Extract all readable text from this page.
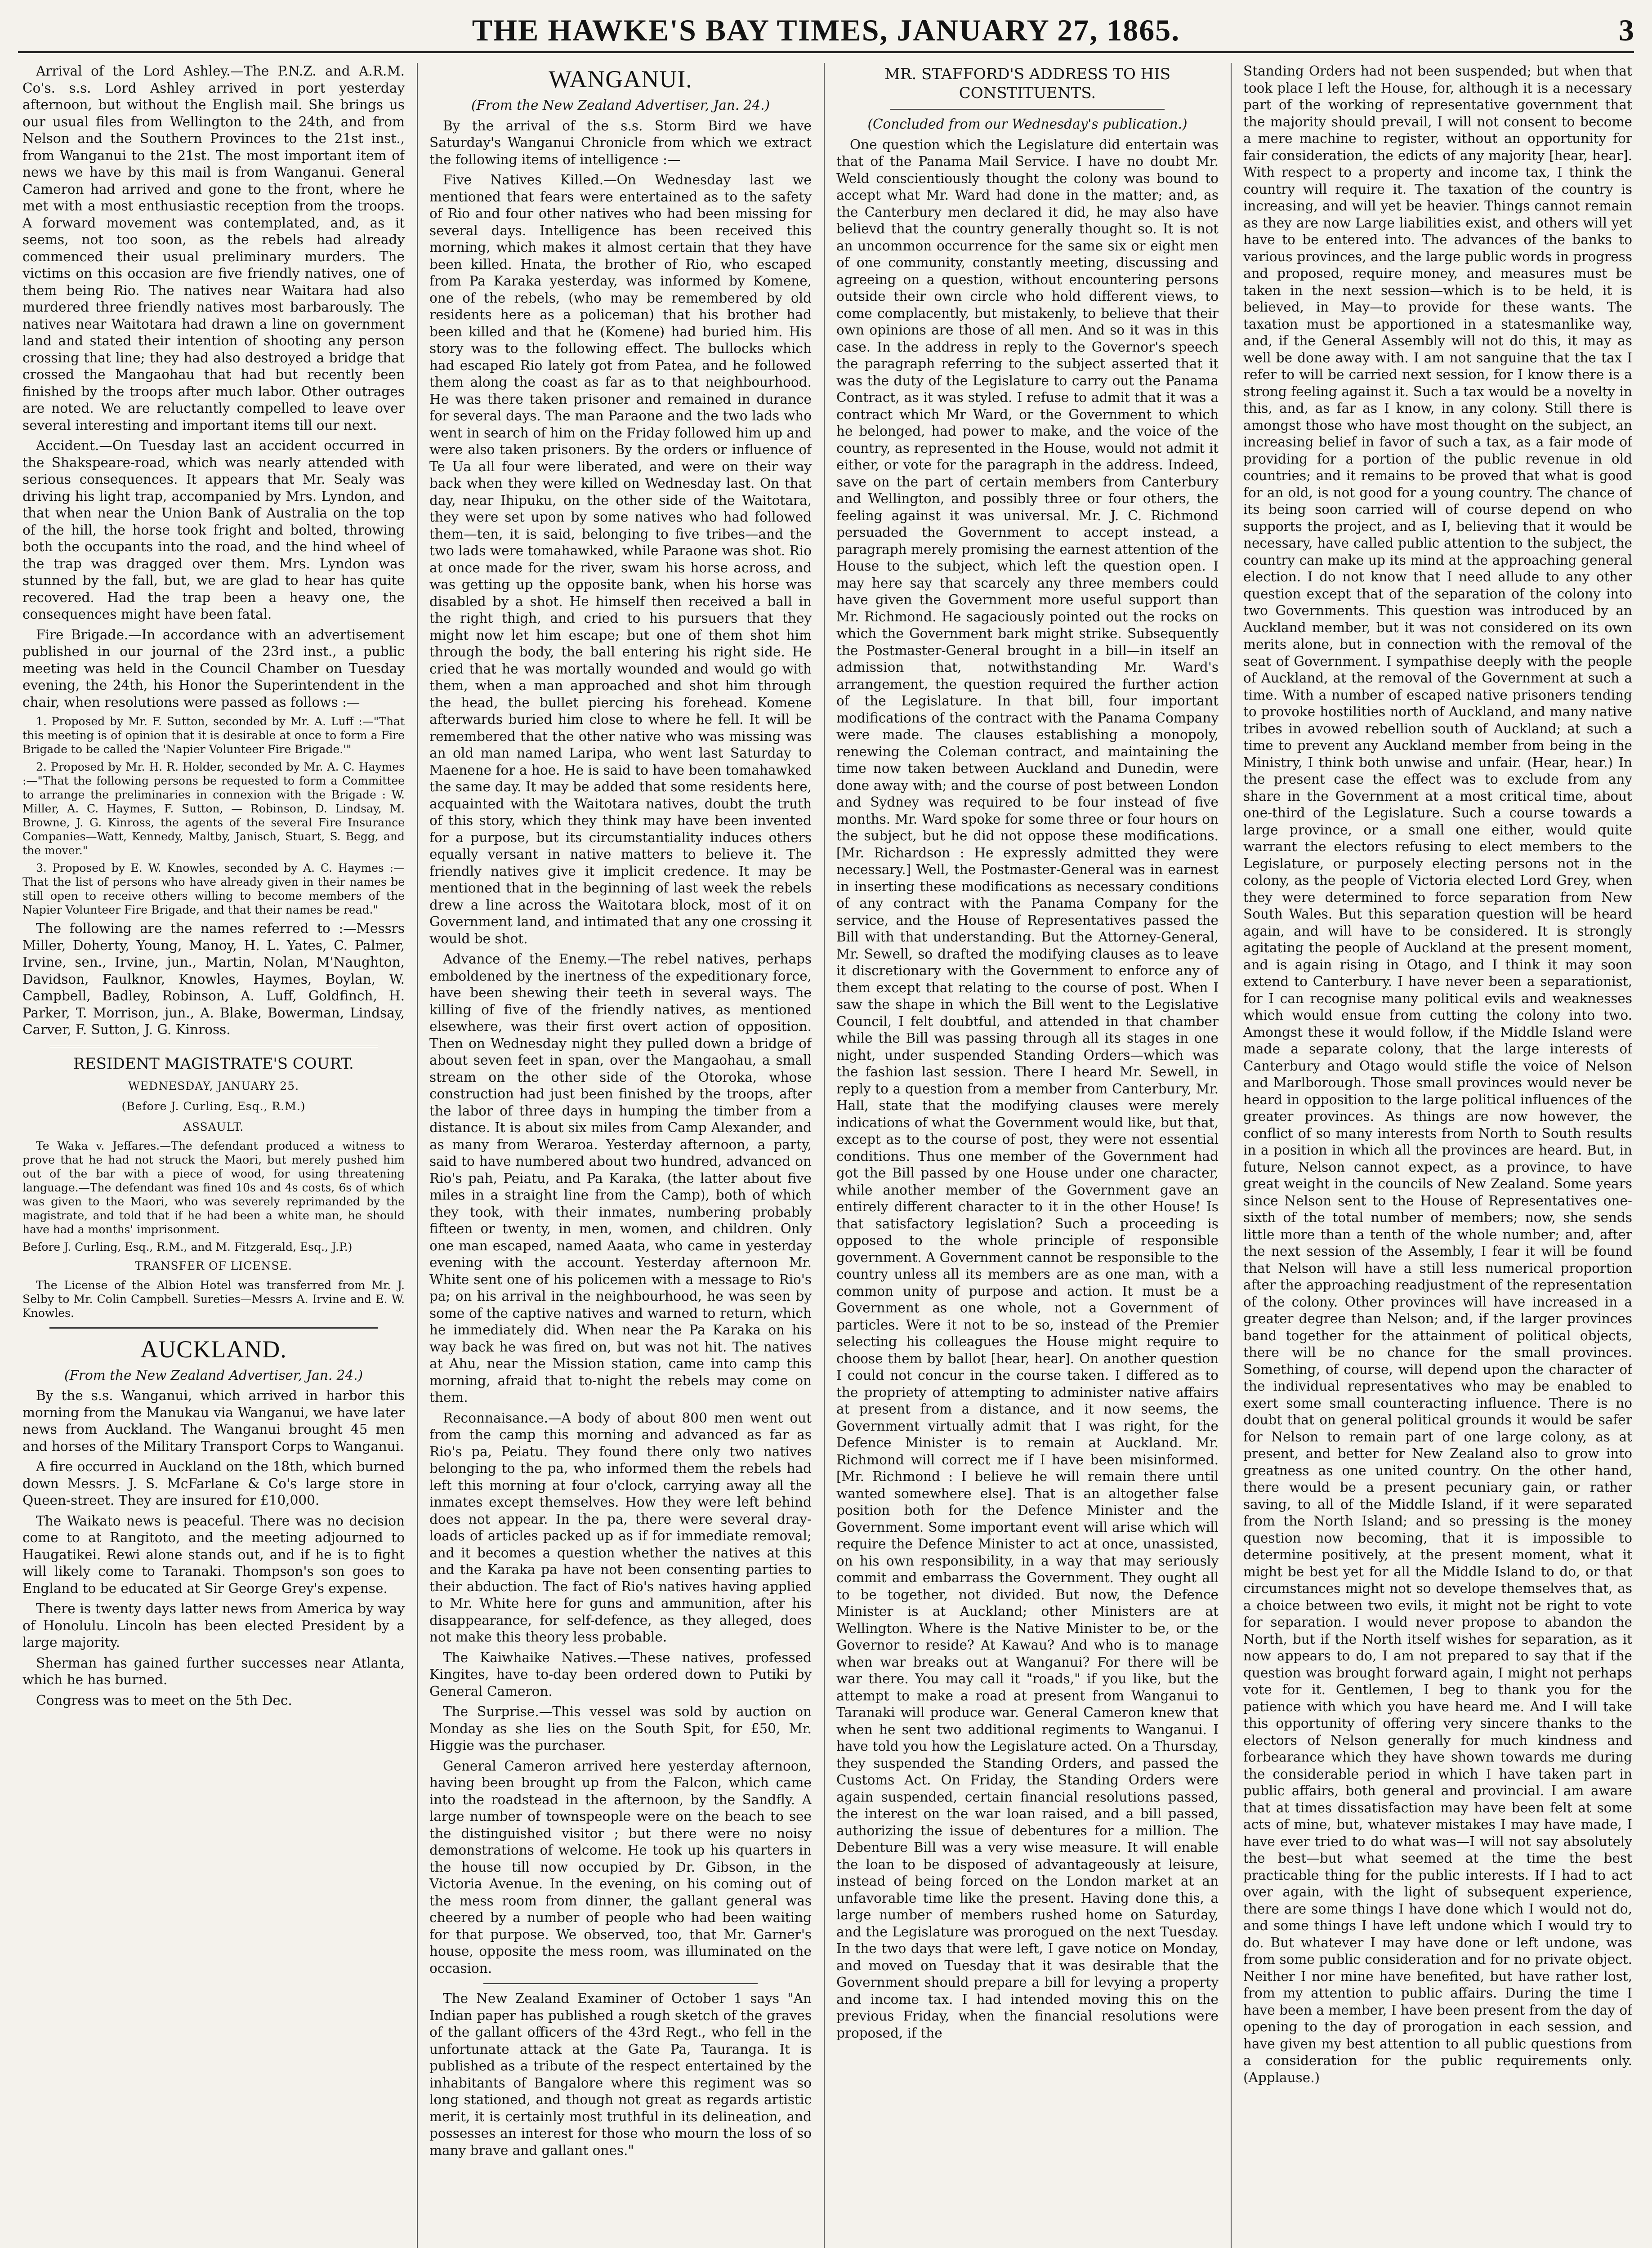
THE HAWKE'S BAY TIMES, JANUARY 27, 1865.	3

Arrival of the Lord Ashley.—The P.N.Z. and A.R.M. Co's. s.s. Lord Ashley arrived in port yesterday afternoon, but without the English mail. She brings us our usual files from Wellington to the 24th, and from Nelson and the Southern Provinces to the 21st inst., from Wanganui to the 21st. The most important item of news we have by this mail is from Wanganui. General Cameron had arrived and gone to the front, where he met with a most enthusiastic reception from the troops. A forward movement was contemplated, and, as it seems, not too soon, as the rebels had already commenced their usual preliminary murders. The victims on this occasion are five friendly natives, one of them being Rio. The natives near Waitara had also murdered three friendly natives most barbarously. The natives near Waitotara had drawn a line on government land and stated their intention of shooting any person crossing that line; they had also destroyed a bridge that crossed the Mangaohau that had but recently been finished by the troops after much labor. Other outrages are noted. We are reluctantly compelled to leave over several interesting and important items till our next.

Accident.—On Tuesday last an accident occurred in the Shakspeare-road, which was nearly attended with serious consequences. It appears that Mr. Sealy was driving his light trap, accompanied by Mrs. Lyndon, and that when near the Union Bank of Australia on the top of the hill, the horse took fright and bolted, throwing both the occupants into the road, and the hind wheel of the trap was dragged over them. Mrs. Lyndon was stunned by the fall, but, we are glad to hear has quite recovered. Had the trap been a heavy one, the consequences might have been fatal.

Fire Brigade.—In accordance with an advertisement published in our journal of the 23rd inst., a public meeting was held in the Council Chamber on Tuesday evening, the 24th, his Honor the Superintendent in the chair, when resolutions were passed as follows :—

1. Proposed by Mr. F. Sutton, seconded by Mr. A. Luff :—"That this meeting is of opinion that it is desirable at once to form a Fire Brigade to be called the 'Napier Volunteer Fire Brigade.'"

2. Proposed by Mr. H. R. Holder, seconded by Mr. A. C. Haymes :—"That the following persons be requested to form a Committee to arrange the preliminaries in connexion with the Brigade : W. Miller, A. C. Haymes, F. Sutton, — Robinson, D. Lindsay, M. Browne, J. G. Kinross, the agents of the several Fire Insurance Companies—Watt, Kennedy, Maltby, Janisch, Stuart, S. Begg, and the mover."

3. Proposed by E. W. Knowles, seconded by A. C. Haymes :—That the list of persons who have already given in their names be still open to receive others willing to become members of the Napier Volunteer Fire Brigade, and that their names be read."

The following are the names referred to :—Messrs Miller, Doherty, Young, Manoy, H. L. Yates, C. Palmer, Irvine, sen., Irvine, jun., Martin, Nolan, M'Naughton, Davidson, Faulknor, Knowles, Haymes, Boylan, W. Campbell, Badley, Robinson, A. Luff, Goldfinch, H. Parker, T. Morrison, jun., A. Blake, Bowerman, Lindsay, Carver, F. Sutton, J. G. Kinross.

RESIDENT MAGISTRATE'S COURT.
WEDNESDAY, JANUARY 25.
(Before J. Curling, Esq., R.M.)
ASSAULT.

Te Waka v. Jeffares.—The defendant produced a witness to prove that he had not struck the Maori, but merely pushed him out of the bar with a piece of wood, for using threatening language.—The defendant was fined 10s and 4s costs, 6s of which was given to the Maori, who was severely reprimanded by the magistrate, and told that if he had been a white man, he should have had a months' imprisonment.

Before J. Curling, Esq., R.M., and M. Fitzgerald, Esq., J.P.)

TRANSFER OF LICENSE.

The License of the Albion Hotel was transferred from Mr. J. Selby to Mr. Colin Campbell. Sureties—Messrs A. Irvine and E. W. Knowles.

AUCKLAND.

(From the New Zealand Advertiser, Jan. 24.)

By the s.s. Wanganui, which arrived in harbor this morning from the Manukau via Wanganui, we have later news from Auckland. The Wanganui brought 45 men and horses of the Military Transport Corps to Wanganui.

A fire occurred in Auckland on the 18th, which burned down Messrs. J. S. McFarlane & Co's large store in Queen-street. They are insured for £10,000.

The Waikato news is peaceful. There was no decision come to at Rangitoto, and the meeting adjourned to Haugatikei. Rewi alone stands out, and if he is to fight will likely come to Taranaki. Thompson's son goes to England to be educated at Sir George Grey's expense.

There is twenty days latter news from America by way of Honolulu. Lincoln has been elected President by a large majority.

Sherman has gained further successes near Atlanta, which he has burned.

Congress was to meet on the 5th Dec.

WANGANUI.

(From the New Zealand Advertiser, Jan. 24.)

By the arrival of the s.s. Storm Bird we have Saturday's Wanganui Chronicle from which we extract the following items of intelligence :—

Five Natives Killed.—On Wednesday last we mentioned that fears were entertained as to the safety of Rio and four other natives who had been missing for several days. Intelligence has been received this morning, which makes it almost certain that they have been killed. Hnata, the brother of Rio, who escaped from Pa Karaka yesterday, was informed by Komene, one of the rebels, (who may be remembered by old residents here as a policeman) that his brother had been killed and that he (Komene) had buried him. His story was to the following effect. The bullocks which had escaped Rio lately got from Patea, and he followed them along the coast as far as to that neighbourhood. He was there taken prisoner and remained in durance for several days. The man Paraone and the two lads who went in search of him on the Friday followed him up and were also taken prisoners. By the orders or influence of Te Ua all four were liberated, and were on their way back when they were killed on Wednesday last. On that day, near Ihipuku, on the other side of the Waitotara, they were set upon by some natives who had followed them—ten, it is said, belonging to five tribes—and the two lads were tomahawked, while Paraone was shot. Rio at once made for the river, swam his horse across, and was getting up the opposite bank, when his horse was disabled by a shot. He himself then received a ball in the right thigh, and cried to his pursuers that they might now let him escape; but one of them shot him through the body, the ball entering his right side. He cried that he was mortally wounded and would go with them, when a man approached and shot him through the head, the bullet piercing his forehead. Komene afterwards buried him close to where he fell. It will be remembered that the other native who was missing was an old man named Laripa, who went last Saturday to Maenene for a hoe. He is said to have been tomahawked the same day. It may be added that some residents here, acquainted with the Waitotara natives, doubt the truth of this story, which they think may have been invented for a purpose, but its circumstantiality induces others equally versant in native matters to believe it. The friendly natives give it implicit credence. It may be mentioned that in the beginning of last week the rebels drew a line across the Waitotara block, most of it on Government land, and intimated that any one crossing it would be shot.

Advance of the Enemy.—The rebel natives, perhaps emboldened by the inertness of the expeditionary force, have been shewing their teeth in several ways. The killing of five of the friendly natives, as mentioned elsewhere, was their first overt action of opposition. Then on Wednesday night they pulled down a bridge of about seven feet in span, over the Mangaohau, a small stream on the other side of the Otoroka, whose construction had just been finished by the troops, after the labor of three days in humping the timber from a distance. It is about six miles from Camp Alexander, and as many from Weraroa. Yesterday afternoon, a party, said to have numbered about two hundred, advanced on Rio's pah, Peiatu, and Pa Karaka, (the latter about five miles in a straight line from the Camp), both of which they took, with their inmates, numbering probably fifteen or twenty, in men, women, and children. Only one man escaped, named Aaata, who came in yesterday evening with the account. Yesterday afternoon Mr. White sent one of his policemen with a message to Rio's pa; on his arrival in the neighbourhood, he was seen by some of the captive natives and warned to return, which he immediately did. When near the Pa Karaka on his way back he was fired on, but was not hit. The natives at Ahu, near the Mission station, came into camp this morning, afraid that to-night the rebels may come on them.

Reconnaisance.—A body of about 800 men went out from the camp this morning and advanced as far as Rio's pa, Peiatu. They found there only two natives belonging to the pa, who informed them the rebels had left this morning at four o'clock, carrying away all the inmates except themselves. How they were left behind does not appear. In the pa, there were several dray-loads of articles packed up as if for immediate removal; and it becomes a question whether the natives at this and the Karaka pa have not been consenting parties to their abduction. The fact of Rio's natives having applied to Mr. White here for guns and ammunition, after his disappearance, for self-defence, as they alleged, does not make this theory less probable.

The Kaiwhaike Natives.—These natives, professed Kingites, have to-day been ordered down to Putiki by General Cameron.

The Surprise.—This vessel was sold by auction on Monday as she lies on the South Spit, for £50, Mr. Higgie was the purchaser.

General Cameron arrived here yesterday afternoon, having been brought up from the Falcon, which came into the roadstead in the afternoon, by the Sandfly. A large number of townspeople were on the beach to see the distinguished visitor ; but there were no noisy demonstrations of welcome. He took up his quarters in the house till now occupied by Dr. Gibson, in the Victoria Avenue. In the evening, on his coming out of the mess room from dinner, the gallant general was cheered by a number of people who had been waiting for that purpose. We observed, too, that Mr. Garner's house, opposite the mess room, was illuminated on the occasion.

The New Zealand Examiner of October 1 says "An Indian paper has published a rough sketch of the graves of the gallant officers of the 43rd Regt., who fell in the unfortunate attack at the Gate Pa, Tauranga. It is published as a tribute of the respect entertained by the inhabitants of Bangalore where this regiment was so long stationed, and though not great as regards artistic merit, it is certainly most truthful in its delineation, and possesses an interest for those who mourn the loss of so many brave and gallant ones."

MR. STAFFORD'S ADDRESS TO HIS CONSTITUENTS.

(Concluded from our Wednesday's publication.)

One question which the Legislature did entertain was that of the Panama Mail Service. I have no doubt Mr. Weld conscientiously thought the colony was bound to accept what Mr. Ward had done in the matter; and, as the Canterbury men declared it did, he may also have believd that the country generally thought so. It is not an uncommon occurrence for the same six or eight men of one community, constantly meeting, discussing and agreeing on a question, without encountering persons outside their own circle who hold different views, to come complacently, but mistakenly, to believe that their own opinions are those of all men. And so it was in this case. In the address in reply to the Governor's speech the paragraph referring to the subject asserted that it was the duty of the Legislature to carry out the Panama Contract, as it was styled. I refuse to admit that it was a contract which Mr Ward, or the Government to which he belonged, had power to make, and the voice of the country, as represented in the House, would not admit it either, or vote for the paragraph in the address. Indeed, save on the part of certain members from Canterbury and Wellington, and possibly three or four others, the feeling against it was universal. Mr. J. C. Richmond persuaded the Government to accept instead, a paragraph merely promising the earnest attention of the House to the subject, which left the question open. I may here say that scarcely any three members could have given the Government more useful support than Mr. Richmond. He sagaciously pointed out the rocks on which the Government bark might strike. Subsequently the Postmaster-General brought in a bill—in itself an admission that, notwithstanding Mr. Ward's arrangement, the question required the further action of the Legislature. In that bill, four important modifications of the contract with the Panama Company were made. The clauses establishing a monopoly, renewing the Coleman contract, and maintaining the time now taken between Auckland and Dunedin, were done away with; and the course of post between London and Sydney was required to be four instead of five months. Mr. Ward spoke for some three or four hours on the subject, but he did not oppose these modifications. [Mr. Richardson : He expressly admitted they were necessary.] Well, the Postmaster-General was in earnest in inserting these modifications as necessary conditions of any contract with the Panama Company for the service, and the House of Representatives passed the Bill with that understanding. But the Attorney-General, Mr. Sewell, so drafted the modifying clauses as to leave it discretionary with the Government to enforce any of them except that relating to the course of post. When I saw the shape in which the Bill went to the Legislative Council, I felt doubtful, and attended in that chamber while the Bill was passing through all its stages in one night, under suspended Standing Orders—which was the fashion last session. There I heard Mr. Sewell, in reply to a question from a member from Canterbury, Mr. Hall, state that the modifying clauses were merely indications of what the Government would like, but that, except as to the course of post, they were not essential conditions. Thus one member of the Government had got the Bill passed by one House under one character, while another member of the Government gave an entirely different character to it in the other House! Is that satisfactory legislation? Such a proceeding is opposed to the whole principle of responsible government. A Government cannot be responsible to the country unless all its members are as one man, with a common unity of purpose and action. It must be a Government as one whole, not a Government of particles. Were it not to be so, instead of the Premier selecting his colleagues the House might require to choose them by ballot [hear, hear]. On another question I could not concur in the course taken. I differed as to the propriety of attempting to administer native affairs at present from a distance, and it now seems, the Government virtually admit that I was right, for the Defence Minister is to remain at Auckland. Mr. Richmond will correct me if I have been misinformed. [Mr. Richmond : I believe he will remain there until wanted somewhere else]. That is an altogether false position both for the Defence Minister and the Government. Some important event will arise which will require the Defence Minister to act at once, unassisted, on his own responsibility, in a way that may seriously commit and embarrass the Government. They ought all to be together, not divided. But now, the Defence Minister is at Auckland; other Ministers are at Wellington. Where is the Native Minister to be, or the Governor to reside? At Kawau? And who is to manage when war breaks out at Wanganui? For there will be war there. You may call it "roads," if you like, but the attempt to make a road at present from Wanganui to Taranaki will produce war. General Cameron knew that when he sent two additional regiments to Wanganui. I have told you how the Legislature acted. On a Thursday, they suspended the Standing Orders, and passed the Customs Act. On Friday, the Standing Orders were again suspended, certain financial resolutions passed, the interest on the war loan raised, and a bill passed, authorizing the issue of debentures for a million. The Debenture Bill was a very wise measure. It will enable the loan to be disposed of advantageously at leisure, instead of being forced on the London market at an unfavorable time like the present. Having done this, a large number of members rushed home on Saturday, and the Legislature was prorogued on the next Tuesday. In the two days that were left, I gave notice on Monday, and moved on Tuesday that it was desirable that the Government should prepare a bill for levying a property and income tax. I had intended moving this on the previous Friday, when the financial resolutions were proposed, if the

Standing Orders had not been suspended; but when that took place I left the House, for, although it is a necessary part of the working of representative government that the majority should prevail, I will not consent to become a mere machine to register, without an opportunity for fair consideration, the edicts of any majority [hear, hear]. With respect to a property and income tax, I think the country will require it. The taxation of the country is increasing, and will yet be heavier. Things cannot remain as they are now Large liabilities exist, and others will yet have to be entered into. The advances of the banks to various provinces, and the large public words in progress and proposed, require money, and measures must be taken in the next session—which is to be held, it is believed, in May—to provide for these wants. The taxation must be apportioned in a statesmanlike way, and, if the General Assembly will not do this, it may as well be done away with. I am not sanguine that the tax I refer to will be carried next session, for I know there is a strong feeling against it. Such a tax would be a novelty in this, and, as far as I know, in any colony. Still there is amongst those who have most thought on the subject, an increasing belief in favor of such a tax, as a fair mode of providing for a portion of the public revenue in old countries; and it remains to be proved that what is good for an old, is not good for a young country. The chance of its being soon carried will of course depend on who supports the project, and as I, believing that it would be necessary, have called public attention to the subject, the country can make up its mind at the approaching general election. I do not know that I need allude to any other question except that of the separation of the colony into two Governments. This question was introduced by an Auckland member, but it was not considered on its own merits alone, but in connection with the removal of the seat of Government. I sympathise deeply with the people of Auckland, at the removal of the Government at such a time. With a number of escaped native prisoners tending to provoke hostilities north of Auckland, and many native tribes in avowed rebellion south of Auckland; at such a time to prevent any Auckland member from being in the Ministry, I think both unwise and unfair. (Hear, hear.) In the present case the effect was to exclude from any share in the Government at a most critical time, about one-third of the Legislature. Such a course towards a large province, or a small one either, would quite warrant the electors refusing to elect members to the Legislature, or purposely electing persons not in the colony, as the people of Victoria elected Lord Grey, when they were determined to force separation from New South Wales. But this separation question will be heard again, and will have to be considered. It is strongly agitating the people of Auckland at the present moment, and is again rising in Otago, and I think it may soon extend to Canterbury. I have never been a separationist, for I can recognise many political evils and weaknesses which would ensue from cutting the colony into two. Amongst these it would follow, if the Middle Island were made a separate colony, that the large interests of Canterbury and Otago would stifle the voice of Nelson and Marlborough. Those small provinces would never be heard in opposition to the large political influences of the greater provinces. As things are now however, the conflict of so many interests from North to South results in a position in which all the provinces are heard. But, in future, Nelson cannot expect, as a province, to have great weight in the councils of New Zealand. Some years since Nelson sent to the House of Representatives one-sixth of the total number of members; now, she sends little more than a tenth of the whole number; and, after the next session of the Assembly, I fear it will be found that Nelson will have a still less numerical proportion after the approaching readjustment of the representation of the colony. Other provinces will have increased in a greater degree than Nelson; and, if the larger provinces band together for the attainment of political objects, there will be no chance for the small provinces. Something, of course, will depend upon the character of the individual representatives who may be enabled to exert some small counteracting influence. There is no doubt that on general political grounds it would be safer for Nelson to remain part of one large colony, as at present, and better for New Zealand also to grow into greatness as one united country. On the other hand, there would be a present pecuniary gain, or rather saving, to all of the Middle Island, if it were separated from the North Island; and so pressing is the money question now becoming, that it is impossible to determine positively, at the present moment, what it might be best yet for all the Middle Island to do, or that circumstances might not so develope themselves that, as a choice between two evils, it might not be right to vote for separation. I would never propose to abandon the North, but if the North itself wishes for separation, as it now appears to do, I am not prepared to say that if the question was brought forward again, I might not perhaps vote for it. Gentlemen, I beg to thank you for the patience with which you have heard me. And I will take this opportunity of offering very sincere thanks to the electors of Nelson generally for much kindness and forbearance which they have shown towards me during the considerable period in which I have taken part in public affairs, both general and provincial. I am aware that at times dissatisfaction may have been felt at some acts of mine, but, whatever mistakes I may have made, I have ever tried to do what was—I will not say absolutely the best—but what seemed at the time the best practicable thing for the public interests. If I had to act over again, with the light of subsequent experience, there are some things I have done which I would not do, and some things I have left undone which I would try to do. But whatever I may have done or left undone, was from some public consideration and for no private object. Neither I nor mine have benefited, but have rather lost, from my attention to public affairs. During the time I have been a member, I have been present from the day of opening to the day of prorogation in each session, and have given my best attention to all public questions from a consideration for the public requirements only. (Applause.)
